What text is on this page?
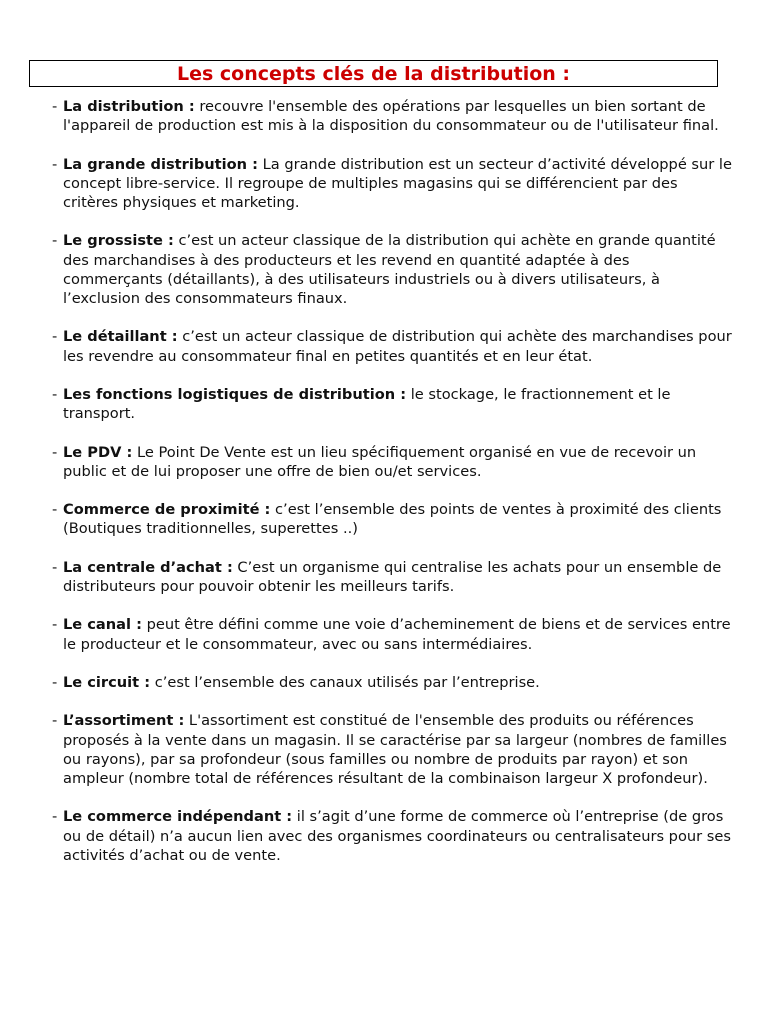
Les concepts clés de la distribution :
- La distribution : recouvre l'ensemble des opérations par lesquelles un bien sortant de l'appareil de production est mis à la disposition du consommateur ou de l'utilisateur final.
- La grande distribution : La grande distribution est un secteur d’activité développé sur le concept libre-service. Il regroupe de multiples magasins qui se différencient par des critères physiques et marketing.
- Le grossiste : c’est un acteur classique de la distribution qui achète en grande quantité des marchandises à des producteurs et les revend en quantité adaptée à des commerçants (détaillants), à des utilisateurs industriels ou à divers utilisateurs, à l’exclusion des consommateurs finaux.
- Le détaillant : c’est un acteur classique de distribution qui achète des marchandises pour les revendre au consommateur final en petites quantités et en leur état.
- Les fonctions logistiques de distribution : le stockage, le fractionnement et le transport.
- Le PDV : Le Point De Vente est un lieu spécifiquement organisé en vue de recevoir un public et de lui proposer une offre de bien ou/et services.
- Commerce de proximité : c’est l’ensemble des points de ventes à proximité des clients (Boutiques traditionnelles, superettes ..)
- La centrale d’achat : C’est un organisme qui centralise les achats pour un ensemble de distributeurs pour pouvoir obtenir les meilleurs tarifs.
- Le canal : peut être défini comme une voie d’acheminement de biens et de services entre le producteur et le consommateur, avec ou sans intermédiaires.
- Le circuit : c’est l’ensemble des canaux utilisés par l’entreprise.
- L’assortiment : L'assortiment est constitué de l'ensemble des produits ou références proposés à la vente dans un magasin. Il se caractérise par sa largeur (nombres de familles ou rayons), par sa profondeur (sous familles ou nombre de produits par rayon) et son ampleur (nombre total de références résultant de la combinaison largeur X profondeur).
- Le commerce indépendant : il s’agit d’une forme de commerce où l’entreprise (de gros ou de détail) n’a aucun lien avec des organismes coordinateurs ou centralisateurs pour ses activités d’achat ou de vente.
